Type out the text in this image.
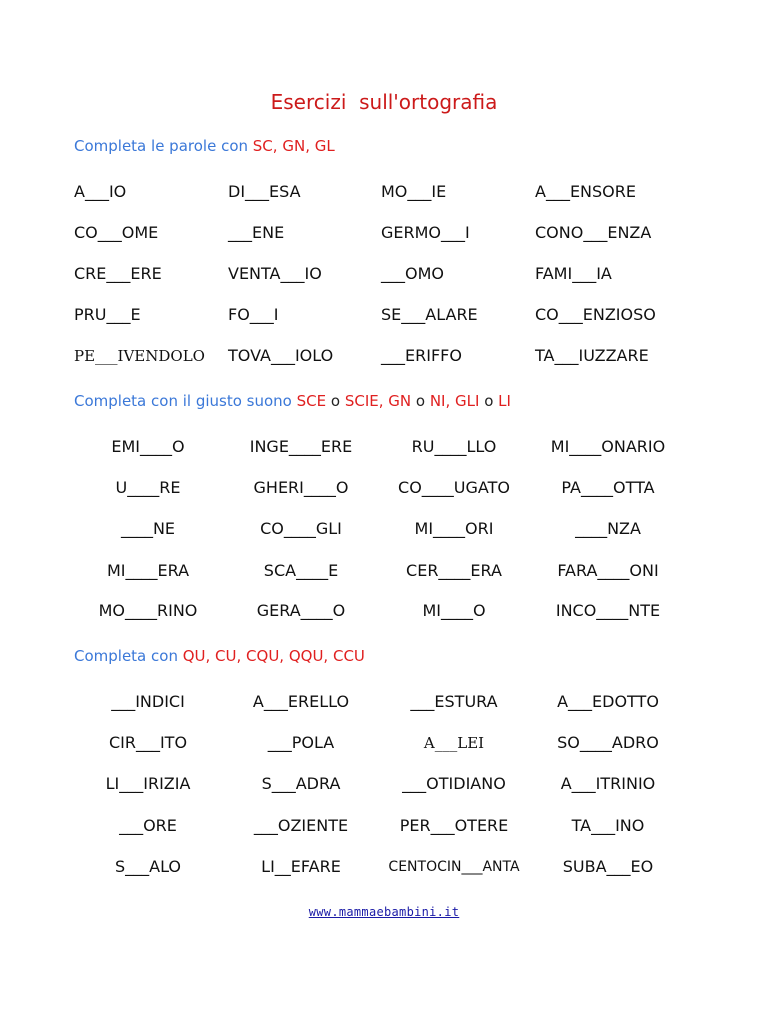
Esercizi  sull'ortografia
Completa le parole con SC, GN, GL
A___IO	DI___ESA	MO___IE	A___ENSORE
CO___OME	___ENE	GERMO___I	CONO___ENZA
CRE___ERE	VENTA___IO	___OMO	FAMI___IA
PRU___E	FO___I	SE___ALARE	CO___ENZIOSO
PE___IVENDOLO TOVA___IOLO	___ERIFFO	TA___IUZZARE
Completa con il giusto suono SCE o SCIE, GN o NI, GLI o LI
EMI____O	INGE____ERE	RU____LLO	MI____ONARIO
U____RE	GHERI____O	CO____UGATO	PA____OTTA
____NE	CO____GLI	MI____ORI	____NZA
MI____ERA	SCA____E	CER____ERA	FARA____ONI
MO____RINO	GERA____O	MI____O	INCO____NTE
Completa con QU, CU, CQU, QQU, CCU
___INDICI	A___ERELLO	___ESTURA	A___EDOTTO
CIR___ITO	___POLA	A___LEI	SO____ADRO
LI___IRIZIA	S___ADRA	___OTIDIANO	A___ITRINIO
___ORE	___OZIENTE	PER___OTERE	TA___INO
S___ALO	LI__EFARE	CENTOCIN___ANTA	SUBA___EO
www.mammaebambini.it
